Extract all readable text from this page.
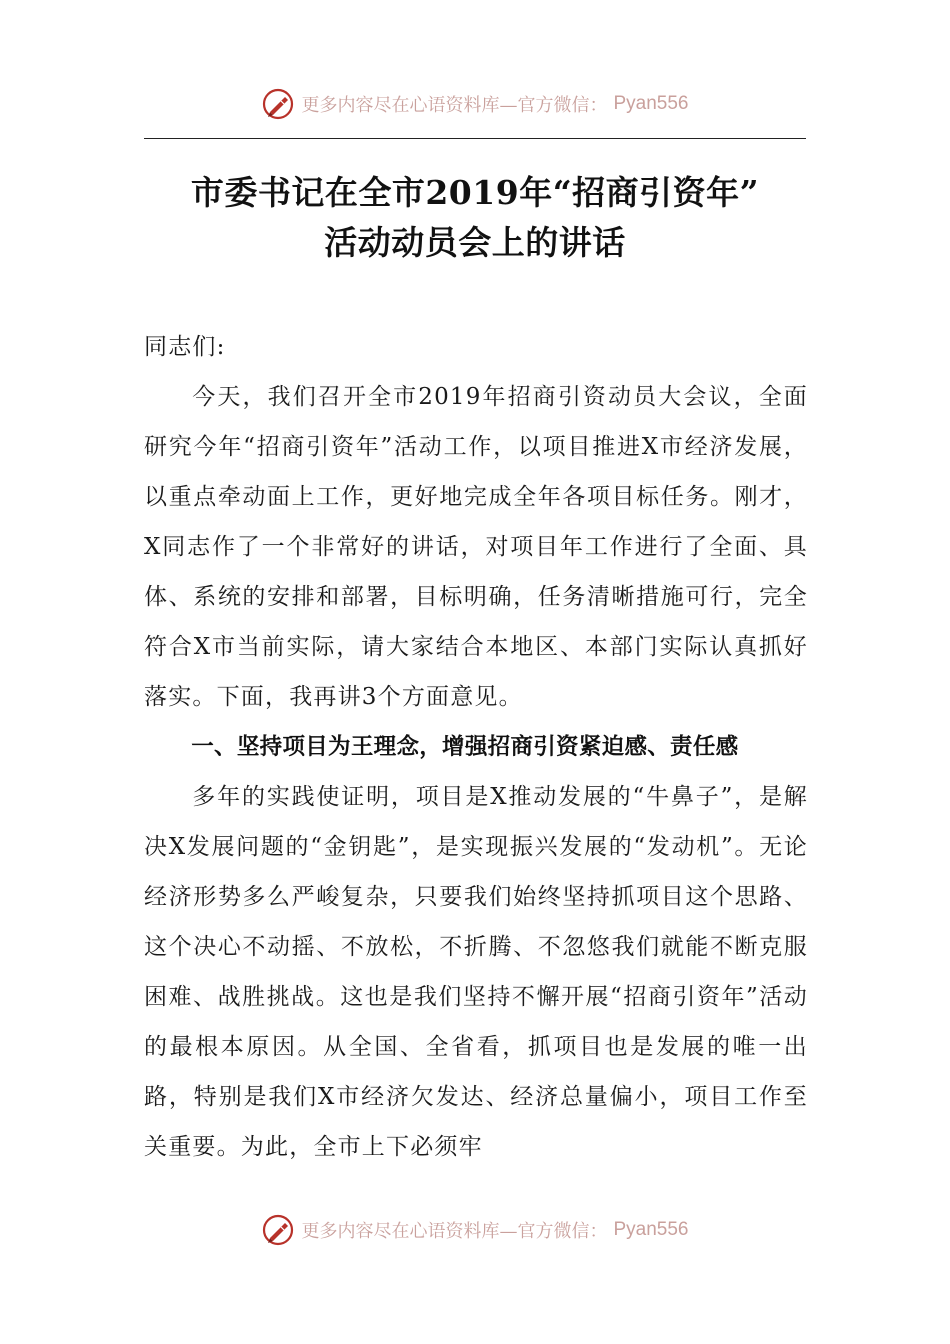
更多内容尽在心语资料库—官方微信： Pyan556
市委书记在全市2019年“招商引资年”
活动动员会上的讲话

同志们:

今天，我们召开全市2019年招商引资动员大会议，全面研究今年“招商引资年”活动工作，以项目推进X市经济发展，以重点牵动面上工作，更好地完成全年各项目标任务。刚才，X同志作了一个非常好的讲话，对项目年工作进行了全面、具体、系统的安排和部署，目标明确，任务清晰措施可行，完全符合X市当前实际，请大家结合本地区、本部门实际认真抓好落实。下面，我再讲3个方面意见。

一、坚持项目为王理念，增强招商引资紧迫感、责任感

多年的实践使证明，项目是X推动发展的“牛鼻子”，是解决X发展问题的“金钥匙”，是实现振兴发展的“发动机”。无论经济形势多么严峻复杂，只要我们始终坚持抓项目这个思路、这个决心不动摇、不放松，不折腾、不忽悠我们就能不断克服困难、战胜挑战。这也是我们坚持不懈开展“招商引资年”活动的最根本原因。从全国、全省看，抓项目也是发展的唯一出路，特别是我们X市经济欠发达、经济总量偏小，项目工作至关重要。为此，全市上下必须牢

更多内容尽在心语资料库—官方微信： Pyan556
